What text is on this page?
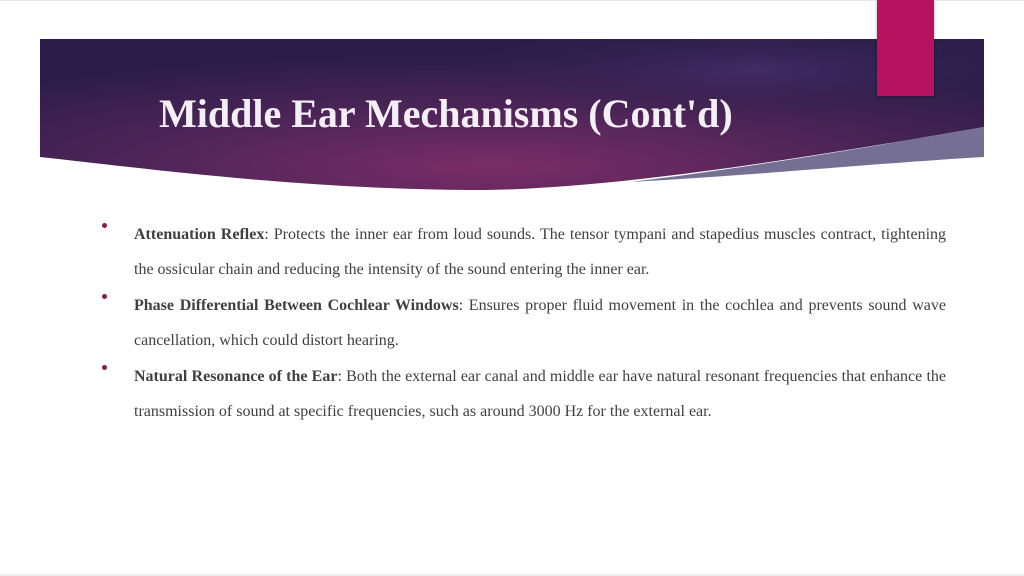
Middle Ear Mechanisms (Cont'd)
Attenuation Reflex: Protects the inner ear from loud sounds. The tensor tympani and stapedius muscles contract, tightening the ossicular chain and reducing the intensity of the sound entering the inner ear.
Phase Differential Between Cochlear Windows: Ensures proper fluid movement in the cochlea and prevents sound wave cancellation, which could distort hearing.
Natural Resonance of the Ear: Both the external ear canal and middle ear have natural resonant frequencies that enhance the transmission of sound at specific frequencies, such as around 3000 Hz for the external ear.
